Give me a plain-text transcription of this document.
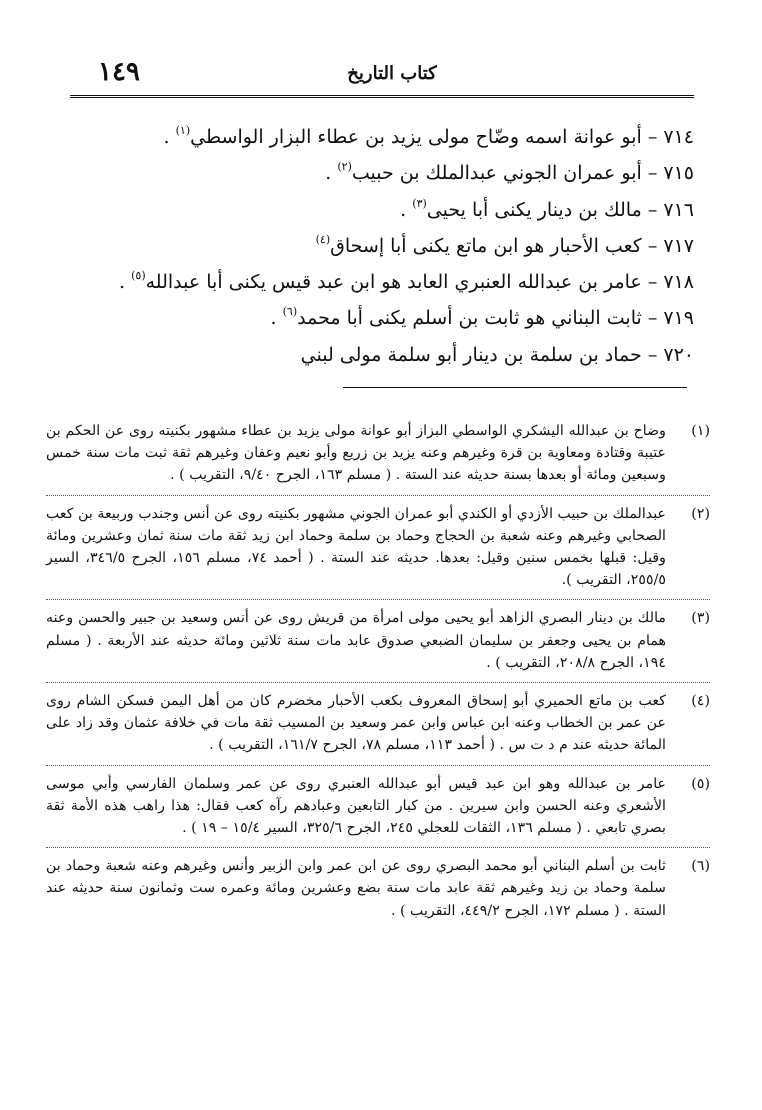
١٤٩	كتاب التاريخ
٧١٤ – أبو عوانة اسمه وضّاح مولى يزيد بن عطاء البزار الواسطي$^{(١)}$ .
٧١٥ – أبو عمران الجوني عبدالملك بن حبيب$^{(٢)}$ .
٧١٦ – مالك بن دينار يكنى أبا يحيى$^{(٣)}$ .
٧١٧ – كعب الأحبار هو ابن ماتع يكنى أبا إسحاق$^{(٤)}$
٧١٨ – عامر بن عبدالله العنبري العابد هو ابن عبد قيس يكنى أبا عبدالله$^{(٥)}$ .
٧١٩ – ثابت البناني هو ثابت بن أسلم يكنى أبا محمد$^{(٦)}$ .
٧٢٠ – حماد بن سلمة بن دينار أبو سلمة مولى لبني
(١)
وضاح بن عبدالله اليشكري الواسطي البزاز أبو عوانة مولى يزيد بن عطاء مشهور بكنيته روى عن الحكم بن عتيبة وقتادة ومعاوية بن قرة وغيرهم وعنه يزيد بن زريع وأبو نعيم وعفان وغيرهم ثقة ثبت مات سنة خمس وسبعين ومائة أو بعدها بسنة حديثه عند الستة . ( مسلم ١٦٣، الجرح ٩/٤٠، التقريب ) .
(٢)
عبدالملك بن حبيب الأزدي أو الكندي أبو عمران الجوني مشهور بكنيته روى عن أنس وجندب وربيعة بن كعب الصحابي وغيرهم وعنه شعبة بن الحجاج وحماد بن سلمة وحماد ابن زيد ثقة مات سنة ثمان وعشرين ومائة وقيل: قبلها بخمس سنين وقيل: بعدها. حديثه عند الستة . ( أحمد ٧٤، مسلم ١٥٦، الجرح ٣٤٦/٥، السير ٢٥٥/٥، التقريب ).
(٣)
مالك بن دينار البصري الزاهد أبو يحيى مولى امرأة من قريش روى عن أنس وسعيد بن جبير والحسن وعنه همام بن يحيى وجعفر بن سليمان الضبعي صدوق عابد مات سنة ثلاثين ومائة حديثه عند الأربعة . ( مسلم ١٩٤، الجرح ٢٠٨/٨، التقريب ) .
(٤)
كعب بن ماتع الحميري أبو إسحاق المعروف بكعب الأحبار مخضرم كان من أهل اليمن فسكن الشام روى عن عمر بن الخطاب وعنه ابن عباس وابن عمر وسعيد بن المسيب ثقة مات في خلافة عثمان وقد زاد على المائة حديثه عند م د ت س . ( أحمد ١١٣، مسلم ٧٨، الجرح ١٦١/٧، التقريب ) .
(٥)
عامر بن عبدالله وهو ابن عبد قيس أبو عبدالله العنبري روى عن عمر وسلمان الفارسي وأبي موسى الأشعري وعنه الحسن وابن سيرين . من كبار التابعين وعبادهم رآه كعب فقال: هذا راهب هذه الأمة ثقة بصري تابعي . ( مسلم ١٣٦، الثقات للعجلي ٢٤٥، الجرح ٣٢٥/٦، السير ١٥/٤ – ١٩ ) .
(٦)
ثابت بن أسلم البناني أبو محمد البصري روى عن ابن عمر وابن الزبير وأنس وغيرهم وعنه شعبة وحماد بن سلمة وحماد بن زيد وغيرهم ثقة عابد مات سنة بضع وعشرين ومائة وعمره ست وثمانون سنة حديثه عند الستة . ( مسلم ١٧٢، الجرح ٤٤٩/٢، التقريب ) .
